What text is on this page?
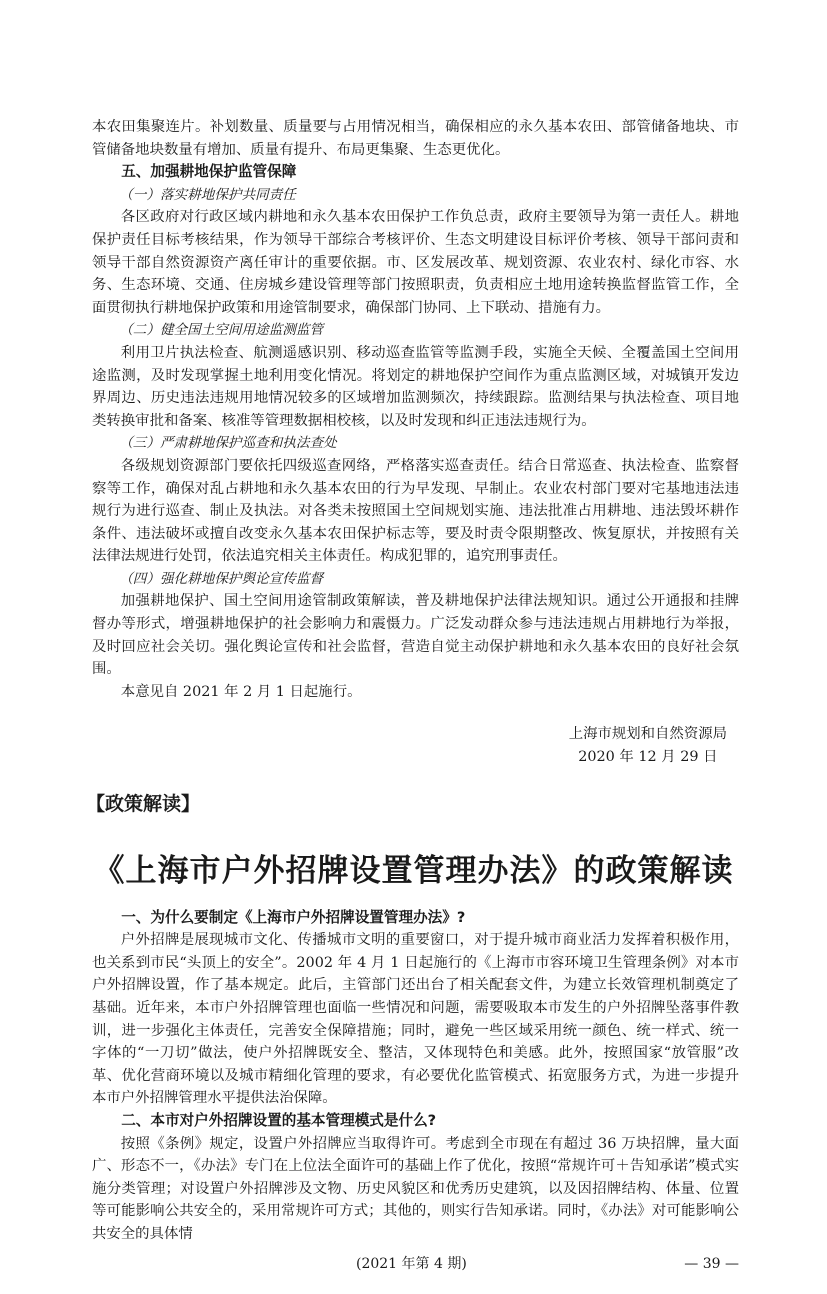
本农田集聚连片。补划数量、质量要与占用情况相当，确保相应的永久基本农田、部管储备地块、市管储备地块数量有增加、质量有提升、布局更集聚、生态更优化。

五、加强耕地保护监管保障
（一）落实耕地保护共同责任

各区政府对行政区域内耕地和永久基本农田保护工作负总责，政府主要领导为第一责任人。耕地保护责任目标考核结果，作为领导干部综合考核评价、生态文明建设目标评价考核、领导干部问责和领导干部自然资源资产离任审计的重要依据。市、区发展改革、规划资源、农业农村、绿化市容、水务、生态环境、交通、住房城乡建设管理等部门按照职责，负责相应土地用途转换监督监管工作，全面贯彻执行耕地保护政策和用途管制要求，确保部门协同、上下联动、措施有力。

（二）健全国土空间用途监测监管

利用卫片执法检查、航测遥感识别、移动巡查监管等监测手段，实施全天候、全覆盖国土空间用途监测，及时发现掌握土地利用变化情况。将划定的耕地保护空间作为重点监测区域，对城镇开发边界周边、历史违法违规用地情况较多的区域增加监测频次，持续跟踪。监测结果与执法检查、项目地类转换审批和备案、核准等管理数据相校核，以及时发现和纠正违法违规行为。

（三）严肃耕地保护巡查和执法查处

各级规划资源部门要依托四级巡查网络，严格落实巡查责任。结合日常巡查、执法检查、监察督察等工作，确保对乱占耕地和永久基本农田的行为早发现、早制止。农业农村部门要对宅基地违法违规行为进行巡查、制止及执法。对各类未按照国土空间规划实施、违法批准占用耕地、违法毁坏耕作条件、违法破坏或擅自改变永久基本农田保护标志等，要及时责令限期整改、恢复原状，并按照有关法律法规进行处罚，依法追究相关主体责任。构成犯罪的，追究刑事责任。

（四）强化耕地保护舆论宣传监督

加强耕地保护、国土空间用途管制政策解读，普及耕地保护法律法规知识。通过公开通报和挂牌督办等形式，增强耕地保护的社会影响力和震慑力。广泛发动群众参与违法违规占用耕地行为举报，及时回应社会关切。强化舆论宣传和社会监督，营造自觉主动保护耕地和永久基本农田的良好社会氛围。

本意见自 2021 年 2 月 1 日起施行。

上海市规划和自然资源局
2020 年 12 月 29 日
【政策解读】
《上海市户外招牌设置管理办法》的政策解读
一、为什么要制定《上海市户外招牌设置管理办法》?

户外招牌是展现城市文化、传播城市文明的重要窗口，对于提升城市商业活力发挥着积极作用，也关系到市民“头顶上的安全”。2002 年 4 月 1 日起施行的《上海市市容环境卫生管理条例》对本市户外招牌设置，作了基本规定。此后，主管部门还出台了相关配套文件，为建立长效管理机制奠定了基础。近年来，本市户外招牌管理也面临一些情况和问题，需要吸取本市发生的户外招牌坠落事件教训，进一步强化主体责任，完善安全保障措施；同时，避免一些区域采用统一颜色、统一样式、统一字体的“一刀切”做法，使户外招牌既安全、整洁，又体现特色和美感。此外，按照国家“放管服”改革、优化营商环境以及城市精细化管理的要求，有必要优化监管模式、拓宽服务方式，为进一步提升本市户外招牌管理水平提供法治保障。

二、本市对户外招牌设置的基本管理模式是什么?

按照《条例》规定，设置户外招牌应当取得许可。考虑到全市现在有超过 36 万块招牌，量大面广、形态不一，《办法》专门在上位法全面许可的基础上作了优化，按照“常规许可＋告知承诺”模式实施分类管理；对设置户外招牌涉及文物、历史风貌区和优秀历史建筑，以及因招牌结构、体量、位置等可能影响公共安全的，采用常规许可方式；其他的，则实行告知承诺。同时，《办法》对可能影响公共安全的具体情

(2021 年第 4 期)	— 39 —
